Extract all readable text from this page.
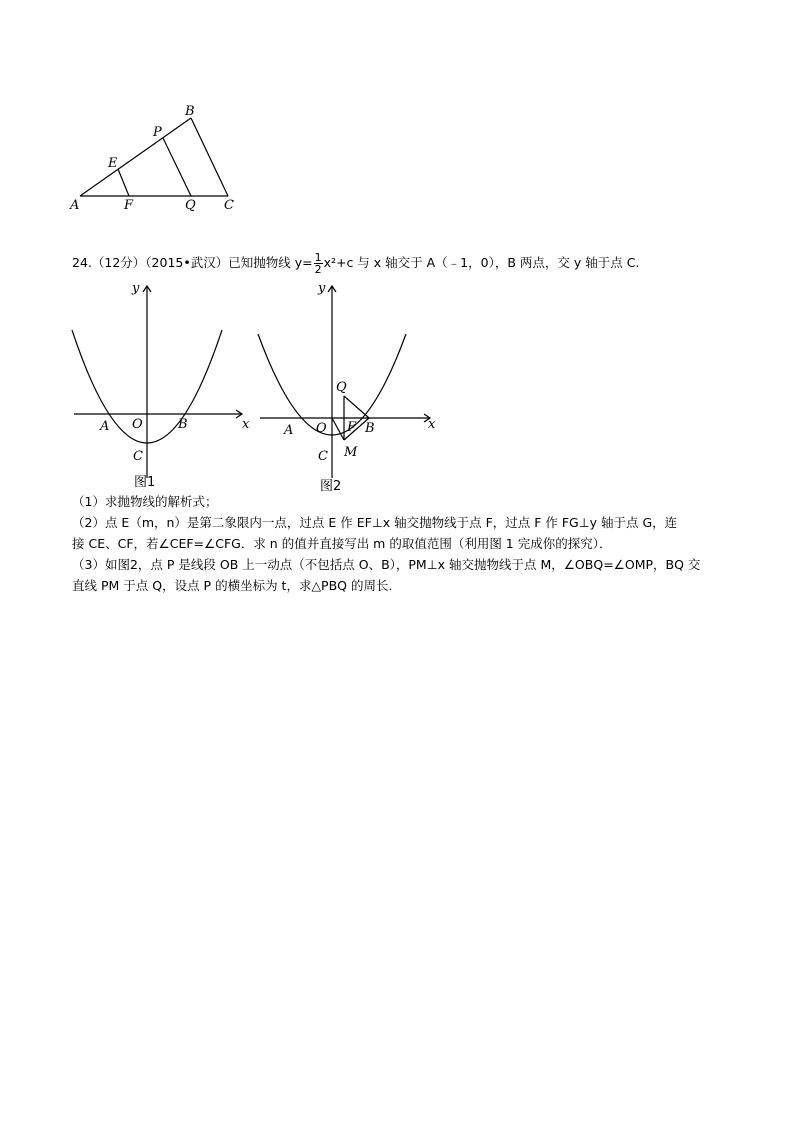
A	F	Q C
E
P
B
24.（12分）（2015•武汉）已知抛物线 $y= \frac{1}{2} x^2+c$ 与 x 轴交于 A（﹣1，0），B 两点，交 y 轴于点 C.
y
x
A O	B
C
图1
y
x
A O F B
Q
C M
图2
（1）求抛物线的解析式；
（2）点 E（m，n）是第二象限内一点，过点 E 作 EF⊥x 轴交抛物线于点 F，过点 F 作 FG⊥y 轴于点 G，连
接 CE、CF，若∠CEF=∠CFG．求 n 的值并直接写出 m 的取值范围（利用图 1 完成你的探究）．
（3）如图2，点 P 是线段 OB 上一动点（不包括点 O、B），PM⊥x 轴交抛物线于点 M，∠OBQ=∠OMP，BQ 交
直线 PM 于点 Q，设点 P 的横坐标为 t，求△PBQ 的周长．
